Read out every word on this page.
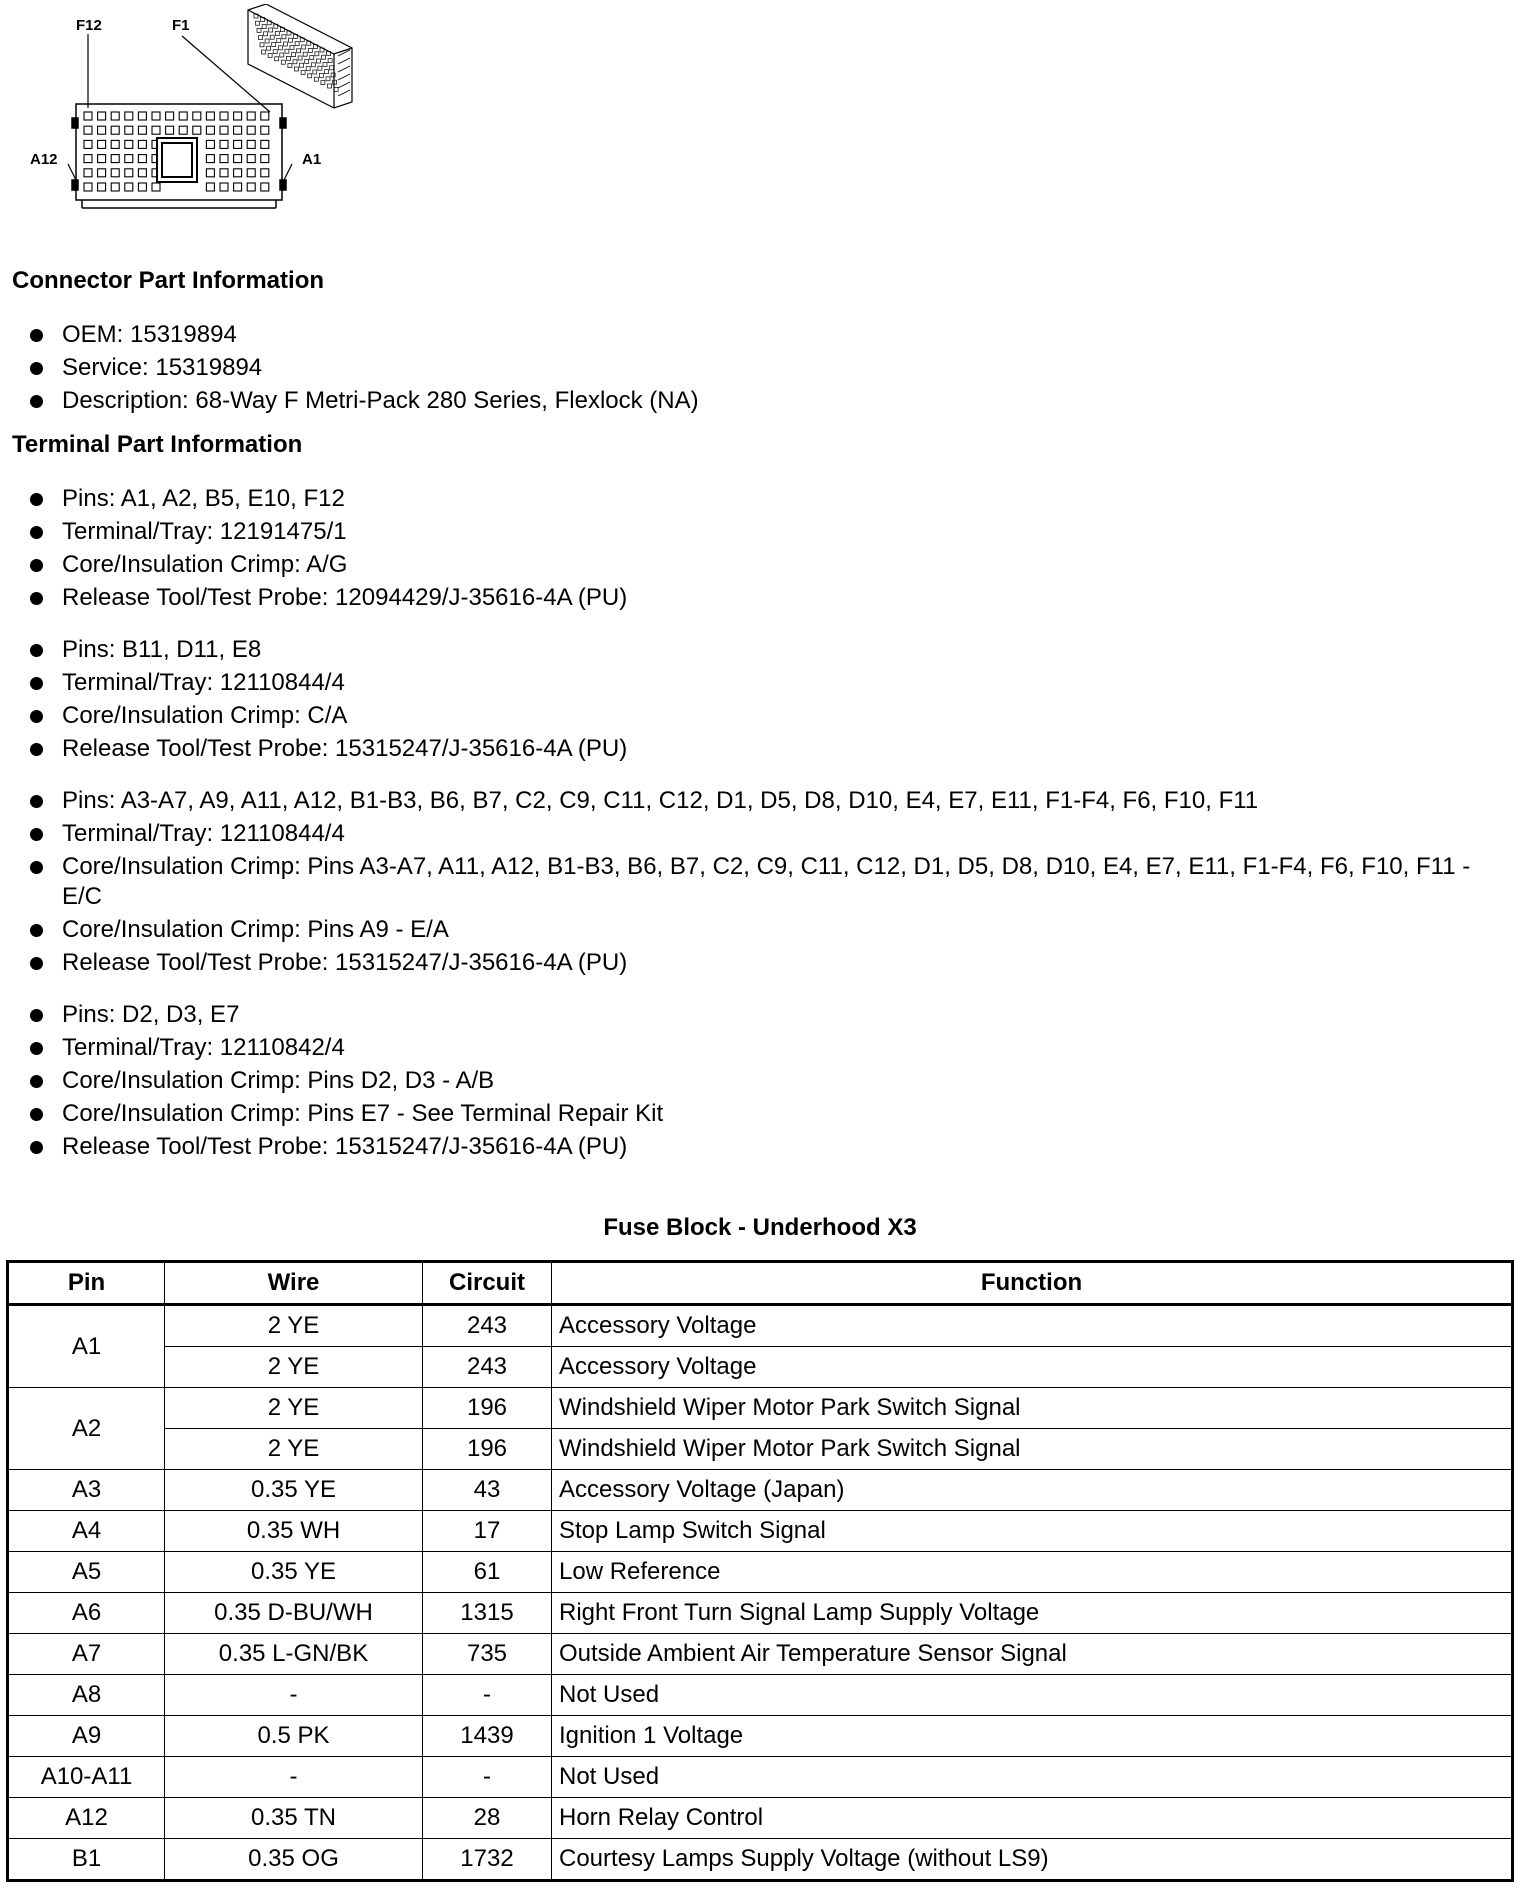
F12	F1
A12	A1
Connector Part Information
OEM: 15319894
Service: 15319894
Description: 68-Way F Metri-Pack 280 Series, Flexlock (NA)
Terminal Part Information
Pins: A1, A2, B5, E10, F12
Terminal/Tray: 12191475/1
Core/Insulation Crimp: A/G
Release Tool/Test Probe: 12094429/J-35616-4A (PU)
Pins: B11, D11, E8
Terminal/Tray: 12110844/4
Core/Insulation Crimp: C/A
Release Tool/Test Probe: 15315247/J-35616-4A (PU)
Pins: A3-A7, A9, A11, A12, B1-B3, B6, B7, C2, C9, C11, C12, D1, D5, D8, D10, E4, E7, E11, F1-F4, F6, F10, F11
Terminal/Tray: 12110844/4
Core/Insulation Crimp: Pins A3-A7, A11, A12, B1-B3, B6, B7, C2, C9, C11, C12, D1, D5, D8, D10, E4, E7, E11, F1-F4, F6, F10, F11 - E/C
Core/Insulation Crimp: Pins A9 - E/A
Release Tool/Test Probe: 15315247/J-35616-4A (PU)
Pins: D2, D3, E7
Terminal/Tray: 12110842/4
Core/Insulation Crimp: Pins D2, D3 - A/B
Core/Insulation Crimp: Pins E7 - See Terminal Repair Kit
Release Tool/Test Probe: 15315247/J-35616-4A (PU)
Fuse Block - Underhood X3
Pin	Wire	Circuit	Function
A1	2 YE	243	Accessory Voltage
	2 YE	243	Accessory Voltage
A2	2 YE	196	Windshield Wiper Motor Park Switch Signal
	2 YE	196	Windshield Wiper Motor Park Switch Signal
A3	0.35 YE	43	Accessory Voltage (Japan)
A4	0.35 WH	17	Stop Lamp Switch Signal
A5	0.35 YE	61	Low Reference
A6	0.35 D-BU/WH	1315	Right Front Turn Signal Lamp Supply Voltage
A7	0.35 L-GN/BK	735	Outside Ambient Air Temperature Sensor Signal
A8	-	-	Not Used
A9	0.5 PK	1439	Ignition 1 Voltage
A10-A11	-	-	Not Used
A12	0.35 TN	28	Horn Relay Control
B1	0.35 OG	1732	Courtesy Lamps Supply Voltage (without LS9)
